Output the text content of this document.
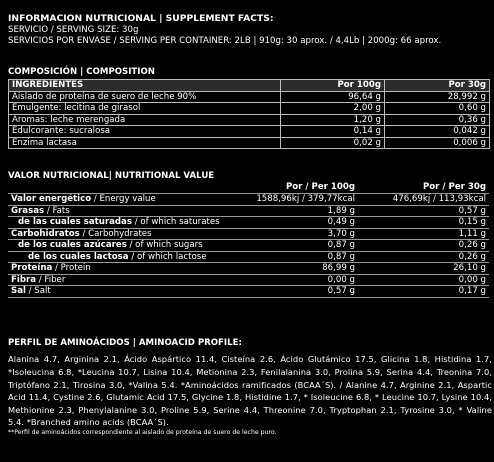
INFORMACION NUTRICIONAL | SUPPLEMENT FACTS:
SERVICIO / SERVING SIZE: 30g
SERVICIOS POR ENVASE / SERVING PER CONTAINER: 2LB | 910g: 30 aprox. / 4,4Lb | 2000g: 66 aprox.
COMPOSICIÓN | COMPOSITION
INGREDIENTES	Por 100g	Por 30g
Aislado de proteína de suero de leche 90%	96,64 g	28,992 g
Emulgente: lecitina de girasol	2,00 g	0,60 g
Aromas: leche merengada	1,20 g	0,36 g
Edulcorante: sucralosa	0,14 g	0,042 g
Enzima lactasa	0,02 g	0,006 g
VALOR NUTRICIONAL| NUTRITIONAL VALUE
	Por / Per 100g	Por / Per 30g
Valor energético / Energy value	1588,96kj / 379,77kcal	476,69kj / 113,93kcal
Grasas / Fats	1,89 g	0,57 g
de las cuales saturadas / of which saturates	0,49 g	0,15 g
Carbohidratos / Carbohydrates	3,70 g	1,11 g
de los cuales azúcares / of which sugars	0,87 g	0,26 g
de los cuales lactosa / of which lactose	0,87 g	0,26 g
Proteína / Protein	86,99 g	26,10 g
Fibra / Fiber	0,00 g	0,00 g
Sal / Salt	0,57 g	0,17 g
PERFIL DE AMINOÁCIDOS | AMINOACID PROFILE:
Alanina 4.7, Arginina 2.1, Ácido Aspártico 11.4, Cisteína 2.6, Ácido Glutámico 17.5, Glicina 1.8, Histidina 1.7, *Isoleucina 6.8, *Leucina 10.7, Lisina 10.4, Metionina 2.3, Fenilalanina 3.0, Prolina 5.9, Serina 4.4, Treonina 7.0, Triptófano 2.1, Tirosina 3.0, *Valina 5.4. *Aminoácidos ramificados (BCAA´S). / Alanine 4.7, Arginine 2.1, Aspartic Acid 11.4, Cystine 2.6, Glutamic Acid 17.5, Glycine 1.8, Histidine 1.7, * Isoleucine 6.8, * Leucine 10.7, Lysine 10.4, Methionine 2.3, Phenylalanine 3.0, Proline 5.9, Serine 4.4, Threonine 7.0, Tryptophan 2.1, Tyrosine 3.0, * Valine 5.4. *Branched amino acids (BCAA´S).
**Perfil de aminoácidos correspondiente al aislado de proteína de suero de leche puro.
